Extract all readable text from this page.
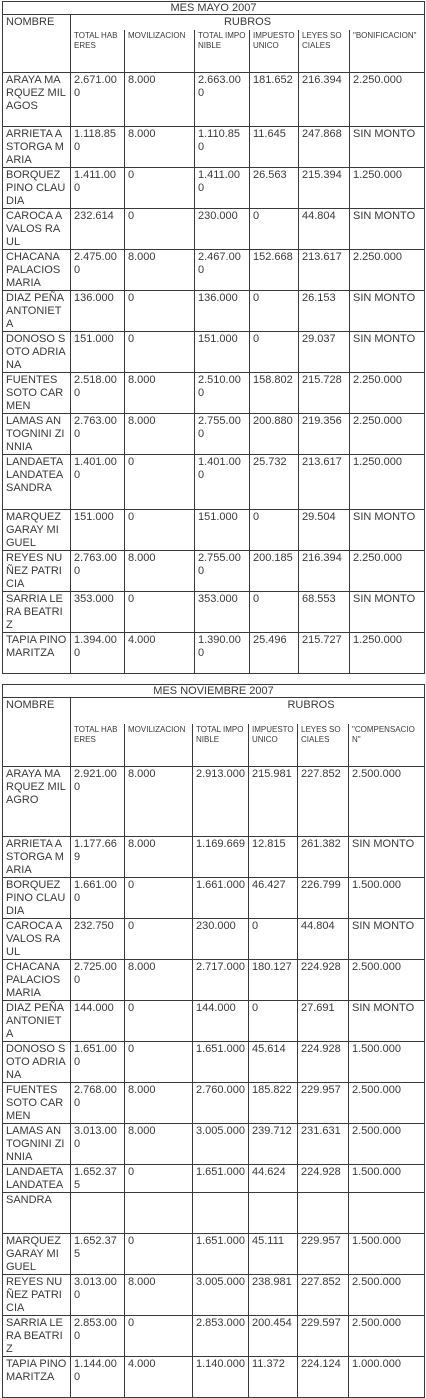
MES MAYO 2007						
NOMBRE	RUBROS					
	TOTAL HABERES	MOVILIZACION	TOTAL IMPONIBLE	IMPUESTO UNICO	LEYES SOCIALES	"BONIFICACION"
ARAYA MARQUEZ MILAGOS	2.671.000	8.000	2.663.000	181.652	216.394	2.250.000
ARRIETA ASTORGA MARIA	1.118.850	8.000	1.110.850	11.645	247.868	SIN MONTO
BORQUEZ PINO CLAUDIA	1.411.000	0	1.411.000	26.563	215.394	1.250.000
CAROCA AVALOS RAUL	232.614	0	230.000	0	44.804	SIN MONTO
CHACANA PALACIOS MARIA	2.475.000	8.000	2.467.000	152.668	213.617	2.250.000
DIAZ PEÑA ANTONIETA	136.000	0	136.000	0	26.153	SIN MONTO
DONOSO SOTO ADRIANA	151.000	0	151.000	0	29.037	SIN MONTO
FUENTES SOTO CARMEN	2.518.000	8.000	2.510.000	158.802	215.728	2.250.000
LAMAS ANTOGNINI ZINNIA	2.763.000	8.000	2.755.000	200.880	219.356	2.250.000
LANDAETA LANDATEA SANDRA	1.401.000	0	1.401.000	25.732	213.617	1.250.000
MARQUEZ GARAY MIGUEL	151.000	0	151.000	0	29.504	SIN MONTO
REYES NUÑEZ PATRICIA	2.763.000	8.000	2.755.000	200.185	216.394	2.250.000
SARRIA LERA BEATRIZ	353.000	0	353.000	0	68.553	SIN MONTO
TAPIA PINO MARITZA	1.394.000	4.000	1.390.000	25.496	215.727	1.250.000
MES NOVIEMBRE 2007						
NOMBRE	RUBROS					
	TOTAL HABERES	MOVILIZACION	TOTAL IMPONIBLE	IMPUESTO UNICO	LEYES SOCIALES	"COMPENSACION"
ARAYA MARQUEZ MILAGRO	2.921.000	8.000	2.913.000	215.981	227.852	2.500.000
ARRIETA ASTORGA MARIA	1.177.669	8.000	1.169.669	12.815	261.382	SIN MONTO
BORQUEZ PINO CLAUDIA	1.661.000	0	1.661.000	46.427	226.799	1.500.000
CAROCA AVALOS RAUL	232.750	0	230.000	0	44.804	SIN MONTO
CHACANA PALACIOS MARIA	2.725.000	8.000	2.717.000	180.127	224.928	2.500.000
DIAZ PEÑA ANTONIETA	144.000	0	144.000	0	27.691	SIN MONTO
DONOSO SOTO ADRIANA	1.651.000	0	1.651.000	45.614	224.928	1.500.000
FUENTES SOTO CARMEN	2.768.000	8.000	2.760.000	185.822	229.957	2.500.000
LAMAS ANTOGNINI ZINNIA	3.013.000	8.000	3.005.000	239.712	231.631	2.500.000
LANDAETA LANDATEA	1.652.375	0	1.651.000	44.624	224.928	1.500.000
SANDRA						
MARQUEZ GARAY MIGUEL	1.652.375	0	1.651.000	45.111	229.957	1.500.000
REYES NUÑEZ PATRICIA	3.013.000	8.000	3.005.000	238.981	227.852	2.500.000
SARRIA LERA BEATRIZ	2.853.000	0	2.853.000	200.454	229.597	2.500.000
TAPIA PINO MARITZA	1.144.000	4.000	1.140.000	11.372	224.124	1.000.000
